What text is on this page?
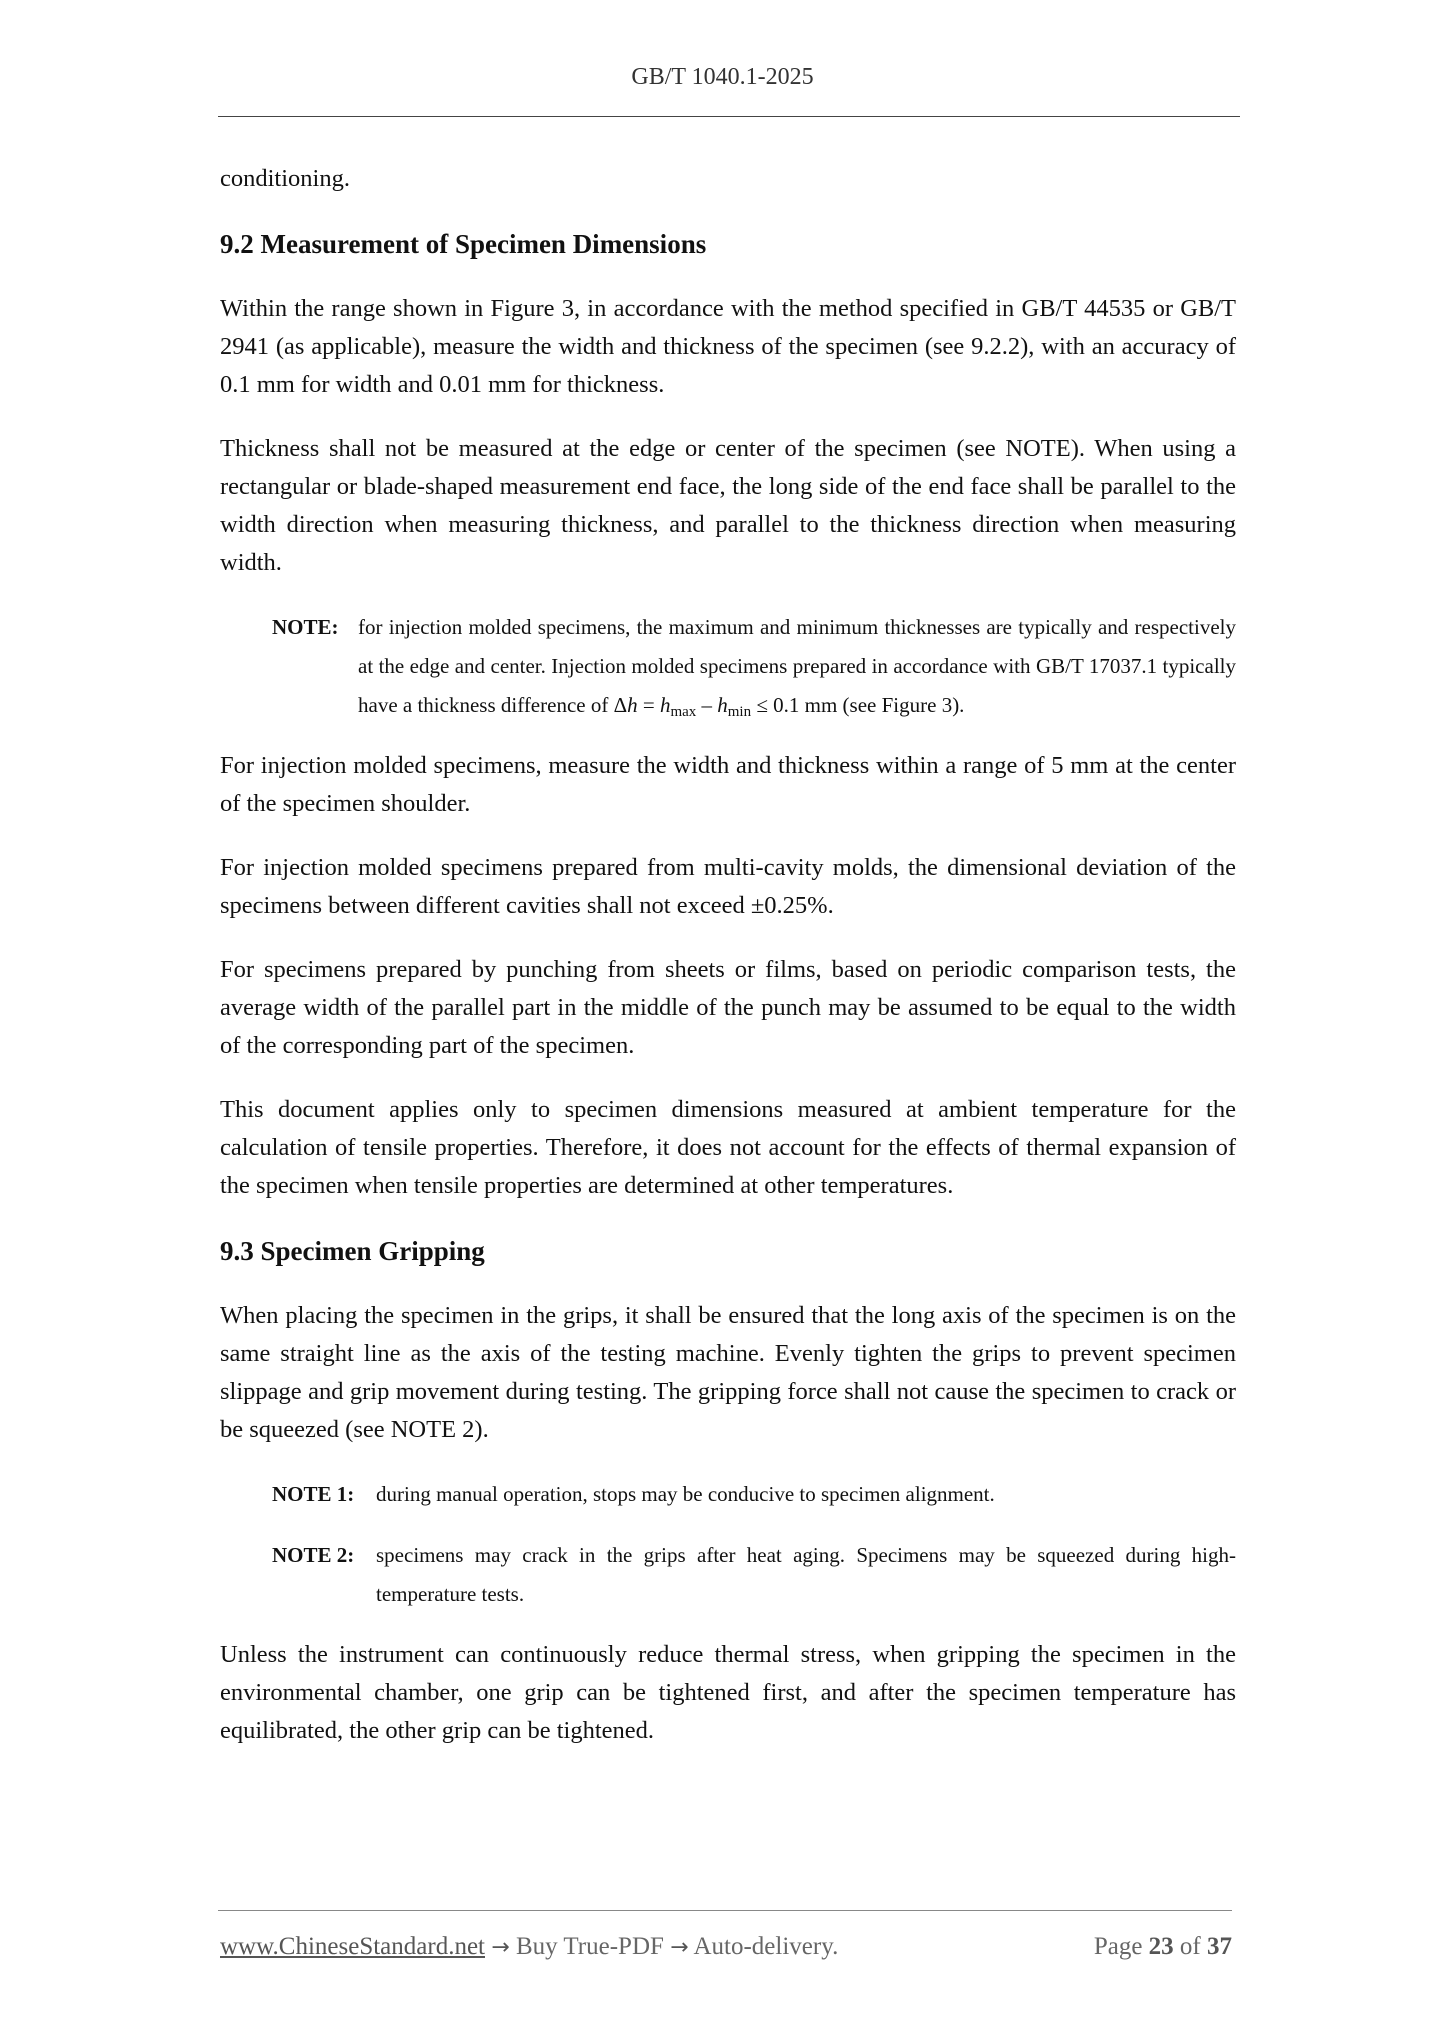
GB/T 1040.1-2025

conditioning.

9.2 Measurement of Specimen Dimensions

Within the range shown in Figure 3, in accordance with the method specified in GB/T 44535 or GB/T 2941 (as applicable), measure the width and thickness of the specimen (see 9.2.2), with an accuracy of 0.1 mm for width and 0.01 mm for thickness.

Thickness shall not be measured at the edge or center of the specimen (see NOTE). When using a rectangular or blade-shaped measurement end face, the long side of the end face shall be parallel to the width direction when measuring thickness, and parallel to the thickness direction when measuring width.

NOTE: for injection molded specimens, the maximum and minimum thicknesses are typically and respectively at the edge and center. Injection molded specimens prepared in accordance with GB/T 17037.1 typically have a thickness difference of $\Delta h = h_{max} - h_{min} \le 0.1$ mm (see Figure 3).

For injection molded specimens, measure the width and thickness within a range of 5 mm at the center of the specimen shoulder.

For injection molded specimens prepared from multi-cavity molds, the dimensional deviation of the specimens between different cavities shall not exceed ±0.25%.

For specimens prepared by punching from sheets or films, based on periodic comparison tests, the average width of the parallel part in the middle of the punch may be assumed to be equal to the width of the corresponding part of the specimen.

This document applies only to specimen dimensions measured at ambient temperature for the calculation of tensile properties. Therefore, it does not account for the effects of thermal expansion of the specimen when tensile properties are determined at other temperatures.

9.3 Specimen Gripping

When placing the specimen in the grips, it shall be ensured that the long axis of the specimen is on the same straight line as the axis of the testing machine. Evenly tighten the grips to prevent specimen slippage and grip movement during testing. The gripping force shall not cause the specimen to crack or be squeezed (see NOTE 2).

NOTE 1: during manual operation, stops may be conducive to specimen alignment.
NOTE 2: specimens may crack in the grips after heat aging. Specimens may be squeezed during high-temperature tests.

Unless the instrument can continuously reduce thermal stress, when gripping the specimen in the environmental chamber, one grip can be tightened first, and after the specimen temperature has equilibrated, the other grip can be tightened.

www.ChineseStandard.net → Buy True-PDF → Auto-delivery.	Page 23 of 37
